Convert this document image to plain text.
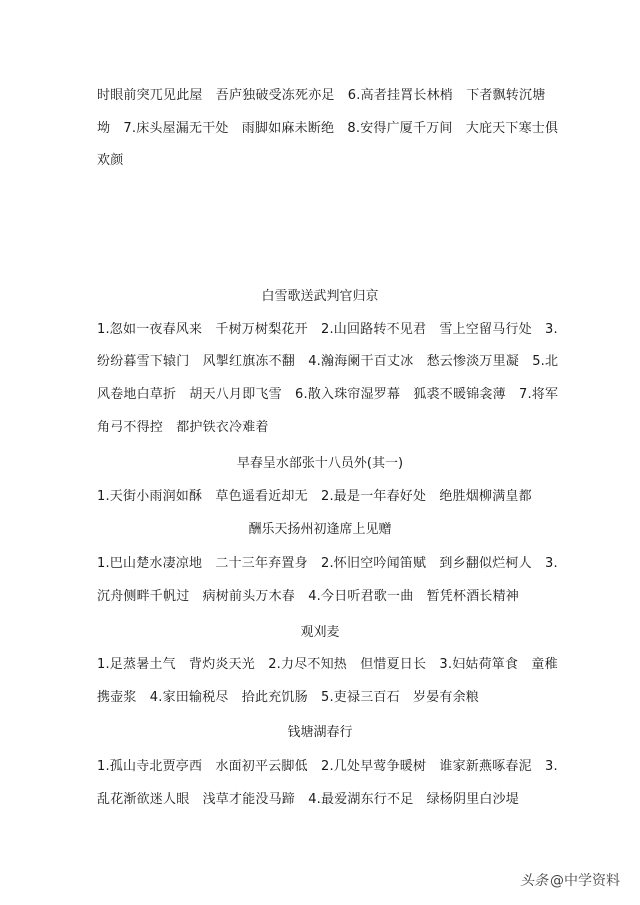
时眼前突兀见此屋　吾庐独破受冻死亦足　6.高者挂罥长林梢　下者飘转沉塘
坳　7.床头屋漏无干处　雨脚如麻未断绝　8.安得广厦千万间　大庇天下寒士俱
欢颜
白雪歌送武判官归京
1.忽如一夜春风来　千树万树梨花开　2.山回路转不见君　雪上空留马行处　3.
纷纷暮雪下辕门　风掣红旗冻不翻　4.瀚海阑干百丈冰　愁云惨淡万里凝　5.北
风卷地白草折　胡天八月即飞雪　6.散入珠帘湿罗幕　狐裘不暖锦衾薄　7.将军
角弓不得控　都护铁衣冷难着
早春呈水部张十八员外(其一)
1.天街小雨润如酥　草色遥看近却无　2.最是一年春好处　绝胜烟柳满皇都
酬乐天扬州初逢席上见赠
1.巴山楚水凄凉地　二十三年弃置身　2.怀旧空吟闻笛赋　到乡翻似烂柯人　3.
沉舟侧畔千帆过　病树前头万木春　4.今日听君歌一曲　暂凭杯酒长精神
观刈麦
1.足蒸暑土气　背灼炎天光　2.力尽不知热　但惜夏日长　3.妇姑荷箪食　童稚
携壶浆　4.家田输税尽　拾此充饥肠　5.吏禄三百石　岁晏有余粮
钱塘湖春行
1.孤山寺北贾亭西　水面初平云脚低　2.几处早莺争暖树　谁家新燕啄春泥　3.
乱花渐欲迷人眼　浅草才能没马蹄　4.最爱湖东行不足　绿杨阴里白沙堤
头条 @中学资料
